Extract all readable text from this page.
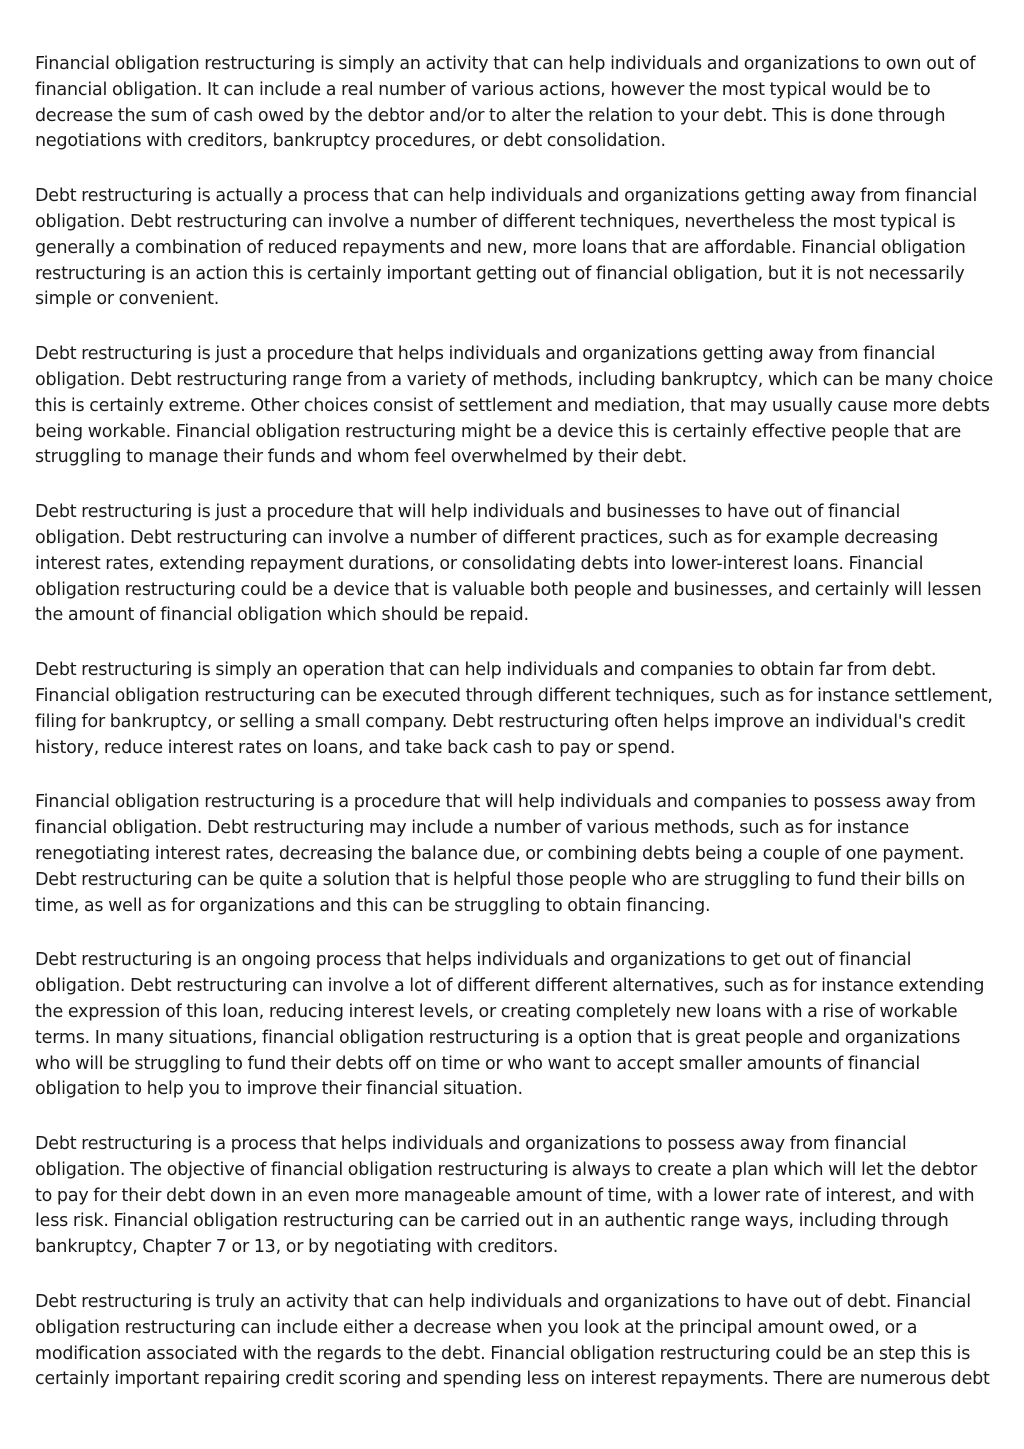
Financial obligation restructuring is simply an activity that can help individuals and organizations to own out of financial obligation. It can include a real number of various actions, however the most typical would be to decrease the sum of cash owed by the debtor and/or to alter the relation to your debt. This is done through negotiations with creditors, bankruptcy procedures, or debt consolidation.

Debt restructuring is actually a process that can help individuals and organizations getting away from financial obligation. Debt restructuring can involve a number of different techniques, nevertheless the most typical is generally a combination of reduced repayments and new, more loans that are affordable. Financial obligation restructuring is an action this is certainly important getting out of financial obligation, but it is not necessarily simple or convenient.

Debt restructuring is just a procedure that helps individuals and organizations getting away from financial obligation. Debt restructuring range from a variety of methods, including bankruptcy, which can be many choice this is certainly extreme. Other choices consist of settlement and mediation, that may usually cause more debts being workable. Financial obligation restructuring might be a device this is certainly effective people that are struggling to manage their funds and whom feel overwhelmed by their debt.

Debt restructuring is just a procedure that will help individuals and businesses to have out of financial obligation. Debt restructuring can involve a number of different practices, such as for example decreasing interest rates, extending repayment durations, or consolidating debts into lower-interest loans. Financial obligation restructuring could be a device that is valuable both people and businesses, and certainly will lessen the amount of financial obligation which should be repaid.

Debt restructuring is simply an operation that can help individuals and companies to obtain far from debt. Financial obligation restructuring can be executed through different techniques, such as for instance settlement, filing for bankruptcy, or selling a small company. Debt restructuring often helps improve an individual's credit history, reduce interest rates on loans, and take back cash to pay or spend.

Financial obligation restructuring is a procedure that will help individuals and companies to possess away from financial obligation. Debt restructuring may include a number of various methods, such as for instance renegotiating interest rates, decreasing the balance due, or combining debts being a couple of one payment. Debt restructuring can be quite a solution that is helpful those people who are struggling to fund their bills on time, as well as for organizations and this can be struggling to obtain financing.

Debt restructuring is an ongoing process that helps individuals and organizations to get out of financial obligation. Debt restructuring can involve a lot of different different alternatives, such as for instance extending the expression of this loan, reducing interest levels, or creating completely new loans with a rise of workable terms. In many situations, financial obligation restructuring is a option that is great people and organizations who will be struggling to fund their debts off on time or who want to accept smaller amounts of financial obligation to help you to improve their financial situation.

Debt restructuring is a process that helps individuals and organizations to possess away from financial obligation. The objective of financial obligation restructuring is always to create a plan which will let the debtor to pay for their debt down in an even more manageable amount of time, with a lower rate of interest, and with less risk. Financial obligation restructuring can be carried out in an authentic range ways, including through bankruptcy, Chapter 7 or 13, or by negotiating with creditors.

Debt restructuring is truly an activity that can help individuals and organizations to have out of debt. Financial obligation restructuring can include either a decrease when you look at the principal amount owed, or a modification associated with the regards to the debt. Financial obligation restructuring could be an step this is certainly important repairing credit scoring and spending less on interest repayments. There are numerous debt
